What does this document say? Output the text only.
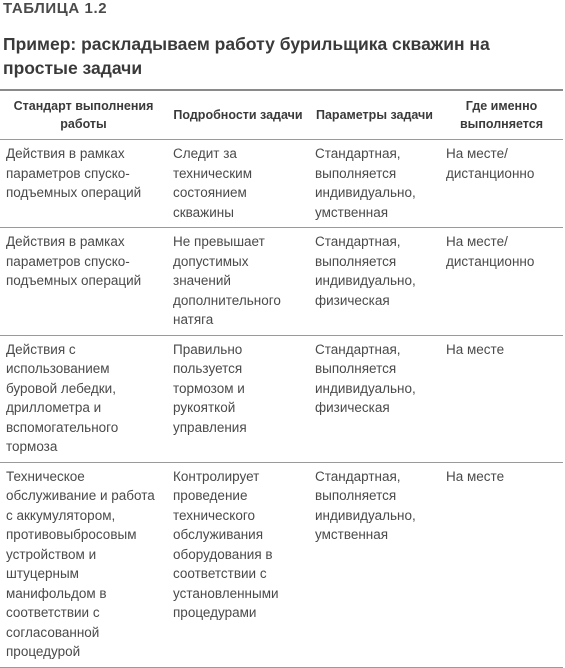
ТАБЛИЦА 1.2
Пример: раскладываем работу бурильщика скважин на простые задачи
Стандарт выполнения работы	Подробности задачи	Параметры задачи	Где именно выполняется
Действия в рамках параметров спуско-подъемных операций	Следит за техническим состоянием скважины	Стандартная, выполняется индивидуально, умственная	На месте/ дистанционно
Действия в рамках параметров спуско-подъемных операций	Не превышает допустимых значений дополнительного натяга	Стандартная, выполняется индивидуально, физическая	На месте/ дистанционно
Действия с использованием буровой лебедки, дриллометра и вспомогательного тормоза	Правильно пользуется тормозом и рукояткой управления	Стандартная, выполняется индивидуально, физическая	На месте
Техническое обслуживание и работа с аккумулятором, противовыбросовым устройством и штуцерным манифольдом в соответствии с согласованной процедурой	Контролирует проведение технического обслуживания оборудования в соответствии с установленными процедурами	Стандартная, выполняется индивидуально, умственная	На месте
